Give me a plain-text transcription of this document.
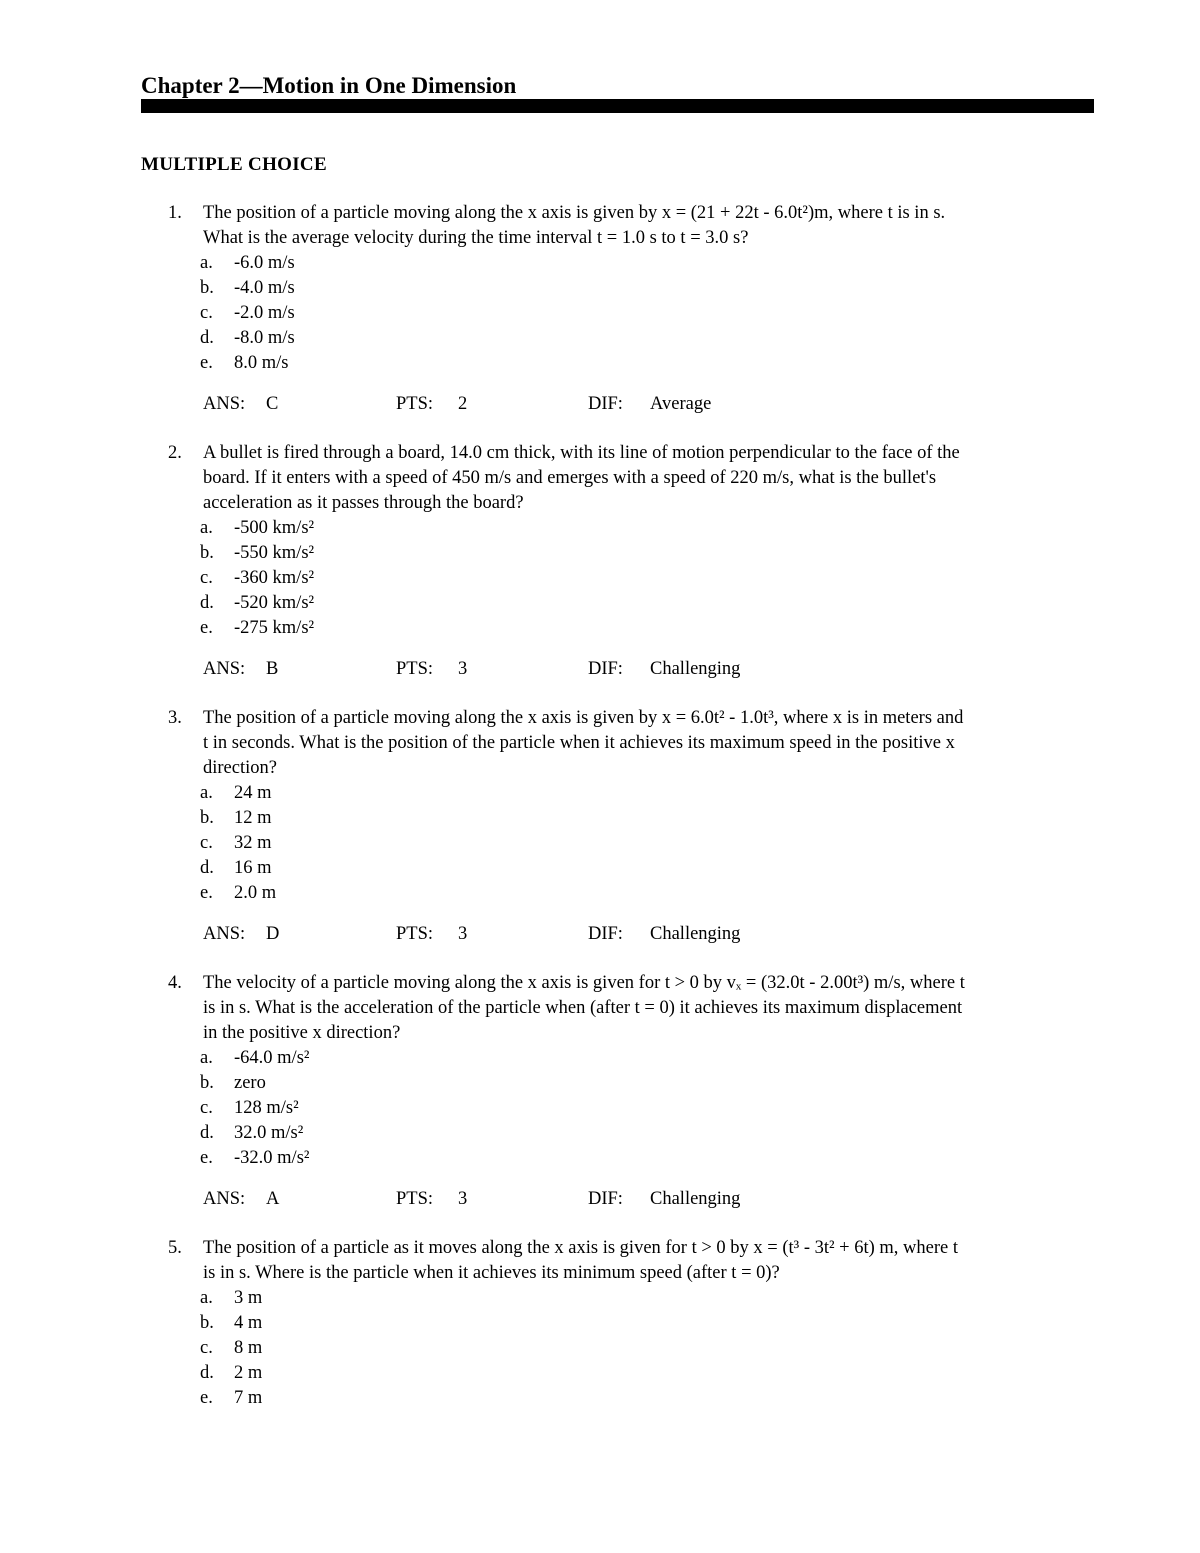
Chapter 2—Motion in One Dimension
MULTIPLE CHOICE
1. The position of a particle moving along the x axis is given by x = (21 + 22t - 6.0t²)m, where t is in s.
What is the average velocity during the time interval t = 1.0 s to t = 3.0 s?
a. -6.0 m/s
b. -4.0 m/s
c. -2.0 m/s
d. -8.0 m/s
e. 8.0 m/s
ANS: C	PTS: 2	DIF: Average
2. A bullet is fired through a board, 14.0 cm thick, with its line of motion perpendicular to the face of the
board. If it enters with a speed of 450 m/s and emerges with a speed of 220 m/s, what is the bullet's
acceleration as it passes through the board?
a. -500 km/s²
b. -550 km/s²
c. -360 km/s²
d. -520 km/s²
e. -275 km/s²
ANS: B	PTS: 3	DIF: Challenging
3. The position of a particle moving along the x axis is given by x = 6.0t² - 1.0t³, where x is in meters and
t in seconds. What is the position of the particle when it achieves its maximum speed in the positive x
direction?
a. 24 m
b. 12 m
c. 32 m
d. 16 m
e. 2.0 m
ANS: D	PTS: 3	DIF: Challenging
4. The velocity of a particle moving along the x axis is given for t > 0 by vₓ = (32.0t - 2.00t³) m/s, where t
is in s. What is the acceleration of the particle when (after t = 0) it achieves its maximum displacement
in the positive x direction?
a. -64.0 m/s²
b. zero
c. 128 m/s²
d. 32.0 m/s²
e. -32.0 m/s²
ANS: A	PTS: 3	DIF: Challenging
5. The position of a particle as it moves along the x axis is given for t > 0 by x = (t³ - 3t² + 6t) m, where t
is in s. Where is the particle when it achieves its minimum speed (after t = 0)?
a. 3 m
b. 4 m
c. 8 m
d. 2 m
e. 7 m
